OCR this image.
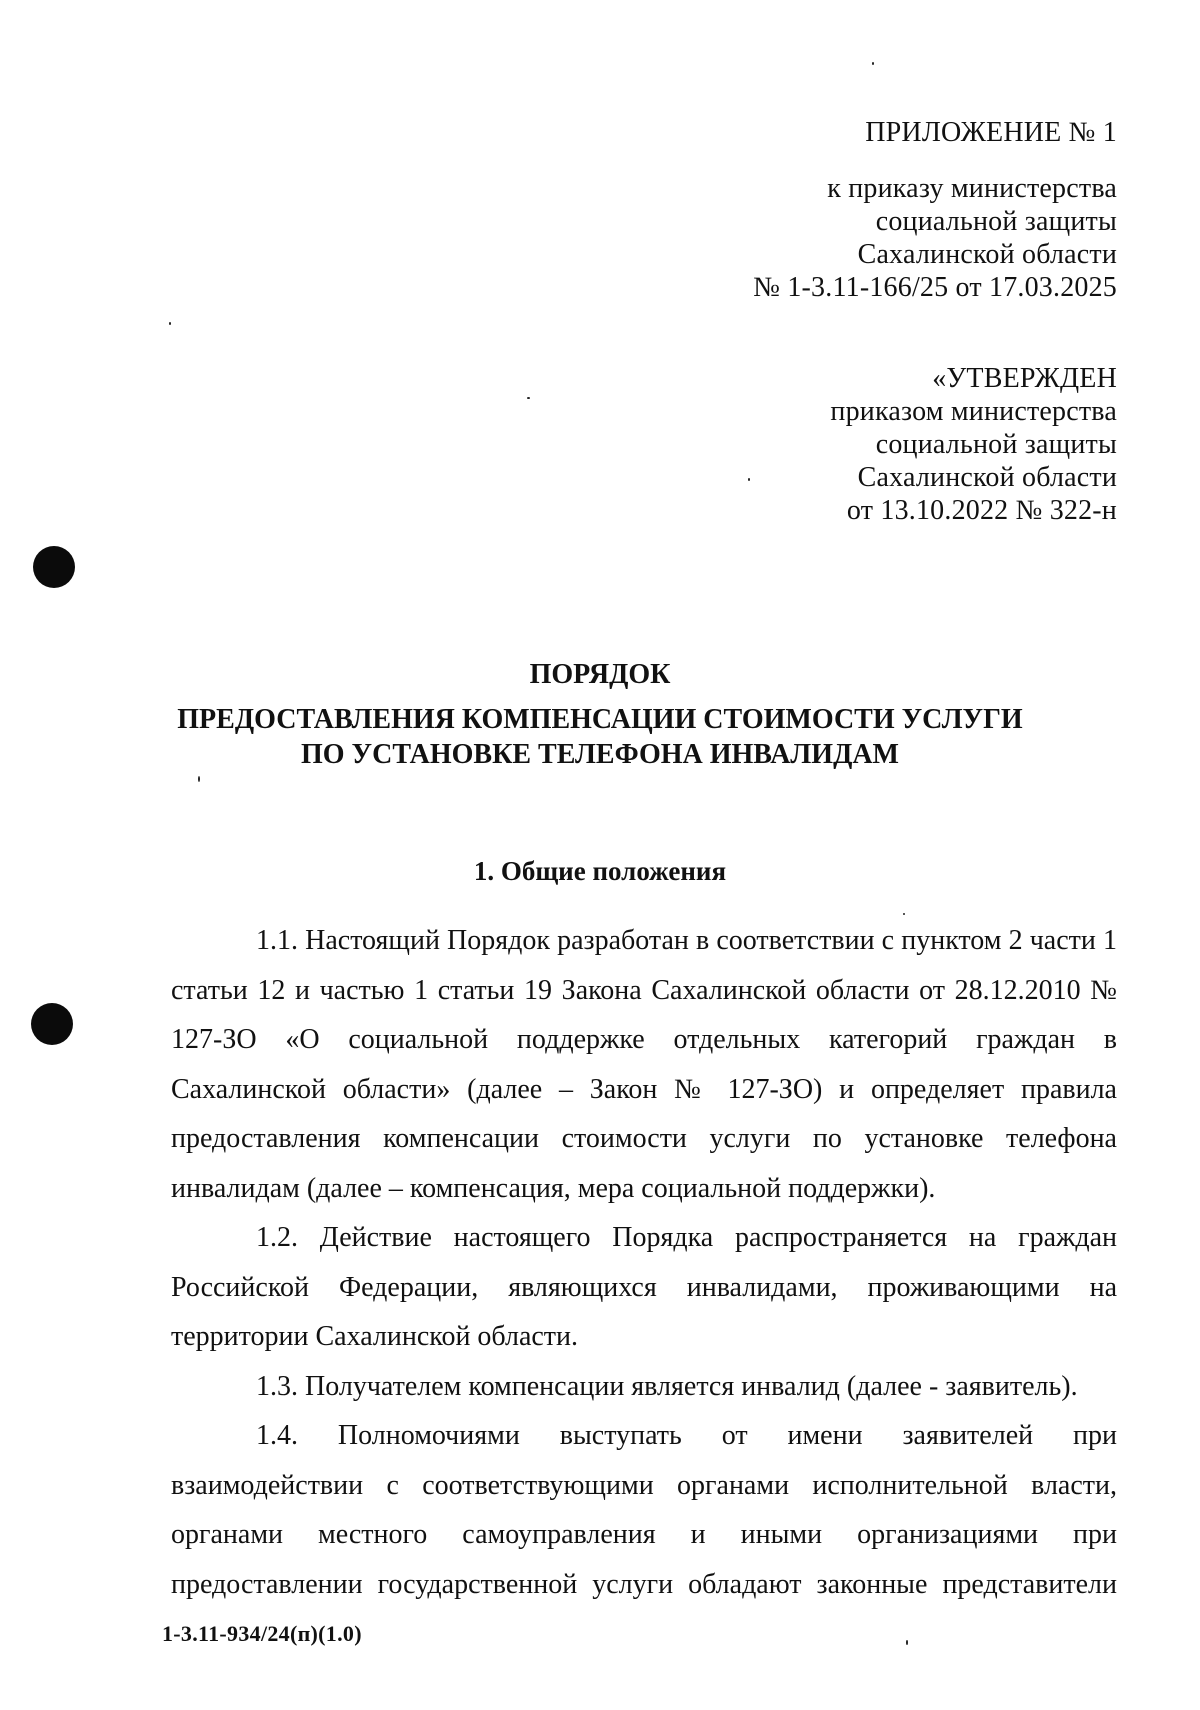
ПРИЛОЖЕНИЕ № 1
к приказу министерства
социальной защиты
Сахалинской области
№ 1-3.11-166/25 от 17.03.2025
«УТВЕРЖДЕН
приказом министерства
социальной защиты
Сахалинской области
от 13.10.2022 № 322-н
ПОРЯДОК
ПРЕДОСТАВЛЕНИЯ КОМПЕНСАЦИИ СТОИМОСТИ УСЛУГИ
ПО УСТАНОВКЕ ТЕЛЕФОНА ИНВАЛИДАМ
1. Общие положения

1.1. Настоящий Порядок разработан в соответствии с пунктом 2 части 1 статьи 12 и частью 1 статьи 19 Закона Сахалинской области от 28.12.2010 № 127-ЗО «О социальной поддержке отдельных категорий граждан в Сахалинской области» (далее – Закон № 127-ЗО) и определяет правила предоставления компенсации стоимости услуги по установке телефона инвалидам (далее – компенсация, мера социальной поддержки).

1.2. Действие настоящего Порядка распространяется на граждан Российской Федерации, являющихся инвалидами, проживающими на территории Сахалинской области.

1.3. Получателем компенсации является инвалид (далее - заявитель).

1.4. Полномочиями выступать от имени заявителей при взаимодействии с соответствующими органами исполнительной власти, органами местного самоуправления и иными организациями при предоставлении государственной услуги обладают законные представители

1-3.11-934/24(п)(1.0)
